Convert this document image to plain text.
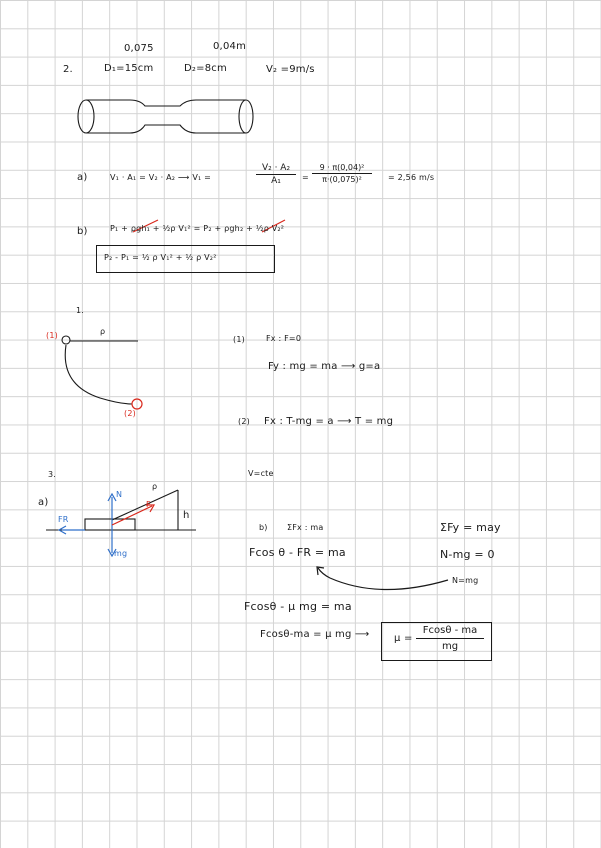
0,075	0,04m
2.	D₁=15cm	D₂=8cm	V₂ =9m/s
a)	V₁ · A₁ = V₂ · A₂ ⟶ V₁ =	$\frac{\text{V₂ · A₂}}{\text{A₁}} = \frac{\text{9 · π(0,04)²}}{\text{π·(0,075)²}} = 2,56$ m/s
b)	P₁ + ρgh₁ + ½ρ V₁² = P₂ + ρgh₂ + ½ρ V₂²
P₂ - P₁ = ½ ρ V₁² + ½ ρ V₂²
1.
(1)	ρ
(2)
(1)	Fx : F=0
Fy : mg = ma ⟶ g=a
(2) Fx : T-mg = a ⟶ T = mg
3.	V=cte
a)
N
ρ
FR
F
h
mg
b) ΣFx : ma	ΣFy = may
Fcos θ - FR = ma	N-mg = 0
N=mg
Fcosθ - μ mg = ma
Fcosθ-ma = μ mg ⟶ $\mu = \frac{Fcos\theta - ma}{mg}$
